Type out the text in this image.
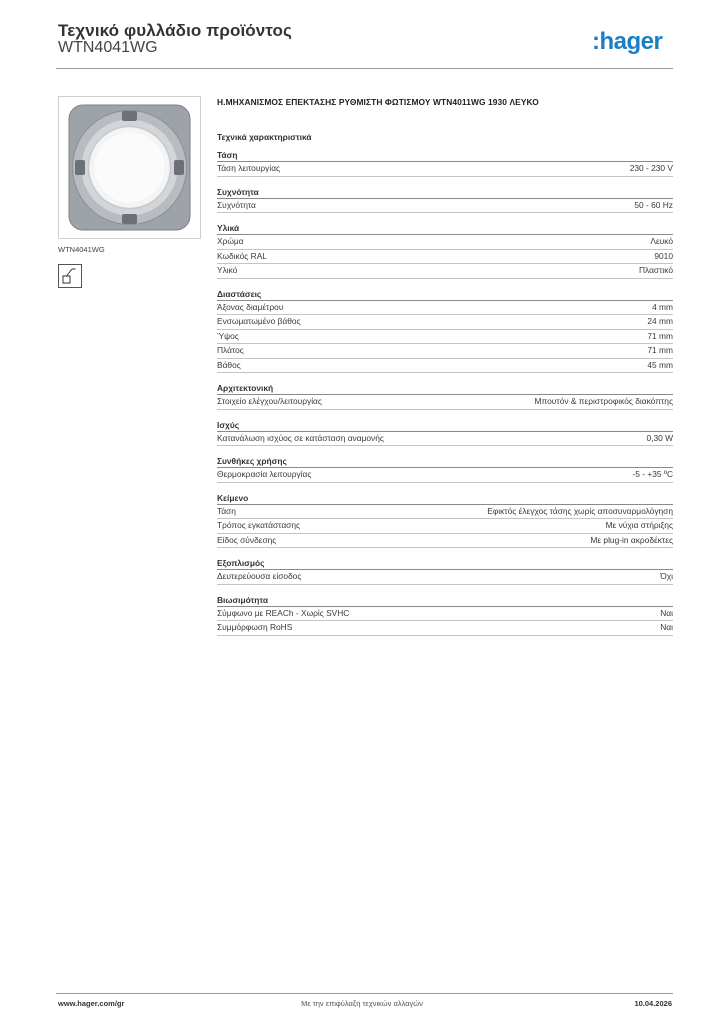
Τεχνικό φυλλάδιο προϊόντος
WTN4041WG	:hager
WTN4041WG
Η.ΜΗΧΑΝΙΣΜΟΣ ΕΠΕΚΤΑΣΗΣ ΡΥΘΜΙΣΤΗ ΦΩΤΙΣΜΟΥ WTN4011WG 1930 ΛΕΥΚΟ
Τεχνικά χαρακτηριστικά
Τάση
Τάση λειτουργίας	230 - 230 V
Συχνότητα
Συχνότητα	50 - 60 Hz
Υλικά
Χρώμα	Λευκό
Κωδικός RAL	9010
Υλικό	Πλαστικό
Διαστάσεις
Άξονας διαμέτρου	4 mm
Ενσωματωμένο βάθος	24 mm
Ύψος	71 mm
Πλάτος	71 mm
Βάθος	45 mm
Αρχιτεκτονική
Στοιχείο ελέγχου/λειτουργίας	Μπουτόν & περιστροφικός διακόπτης
Ισχύς
Κατανάλωση ισχύος σε κατάσταση αναμονής	0,30 W
Συνθήκες χρήσης
Θερμοκρασία λειτουργίας	-5 - +35 ºC
Κείμενο
Τάση	Εφικτός έλεγχος τάσης χωρίς αποσυναρμολόγηση
Τρόπος εγκατάστασης	Με νύχια στήριξης
Είδος σύνδεσης	Με plug-in ακροδέκτες
Εξοπλισμός
Δευτερεύουσα είσοδος	Όχι
Βιωσιμότητα
Σύμφωνο με REACh - Χωρίς SVHC	Ναι
Συμμόρφωση RoHS	Ναι
www.hager.com/gr	Με την επιφύλαξη τεχνικών αλλαγών	10.04.2026
